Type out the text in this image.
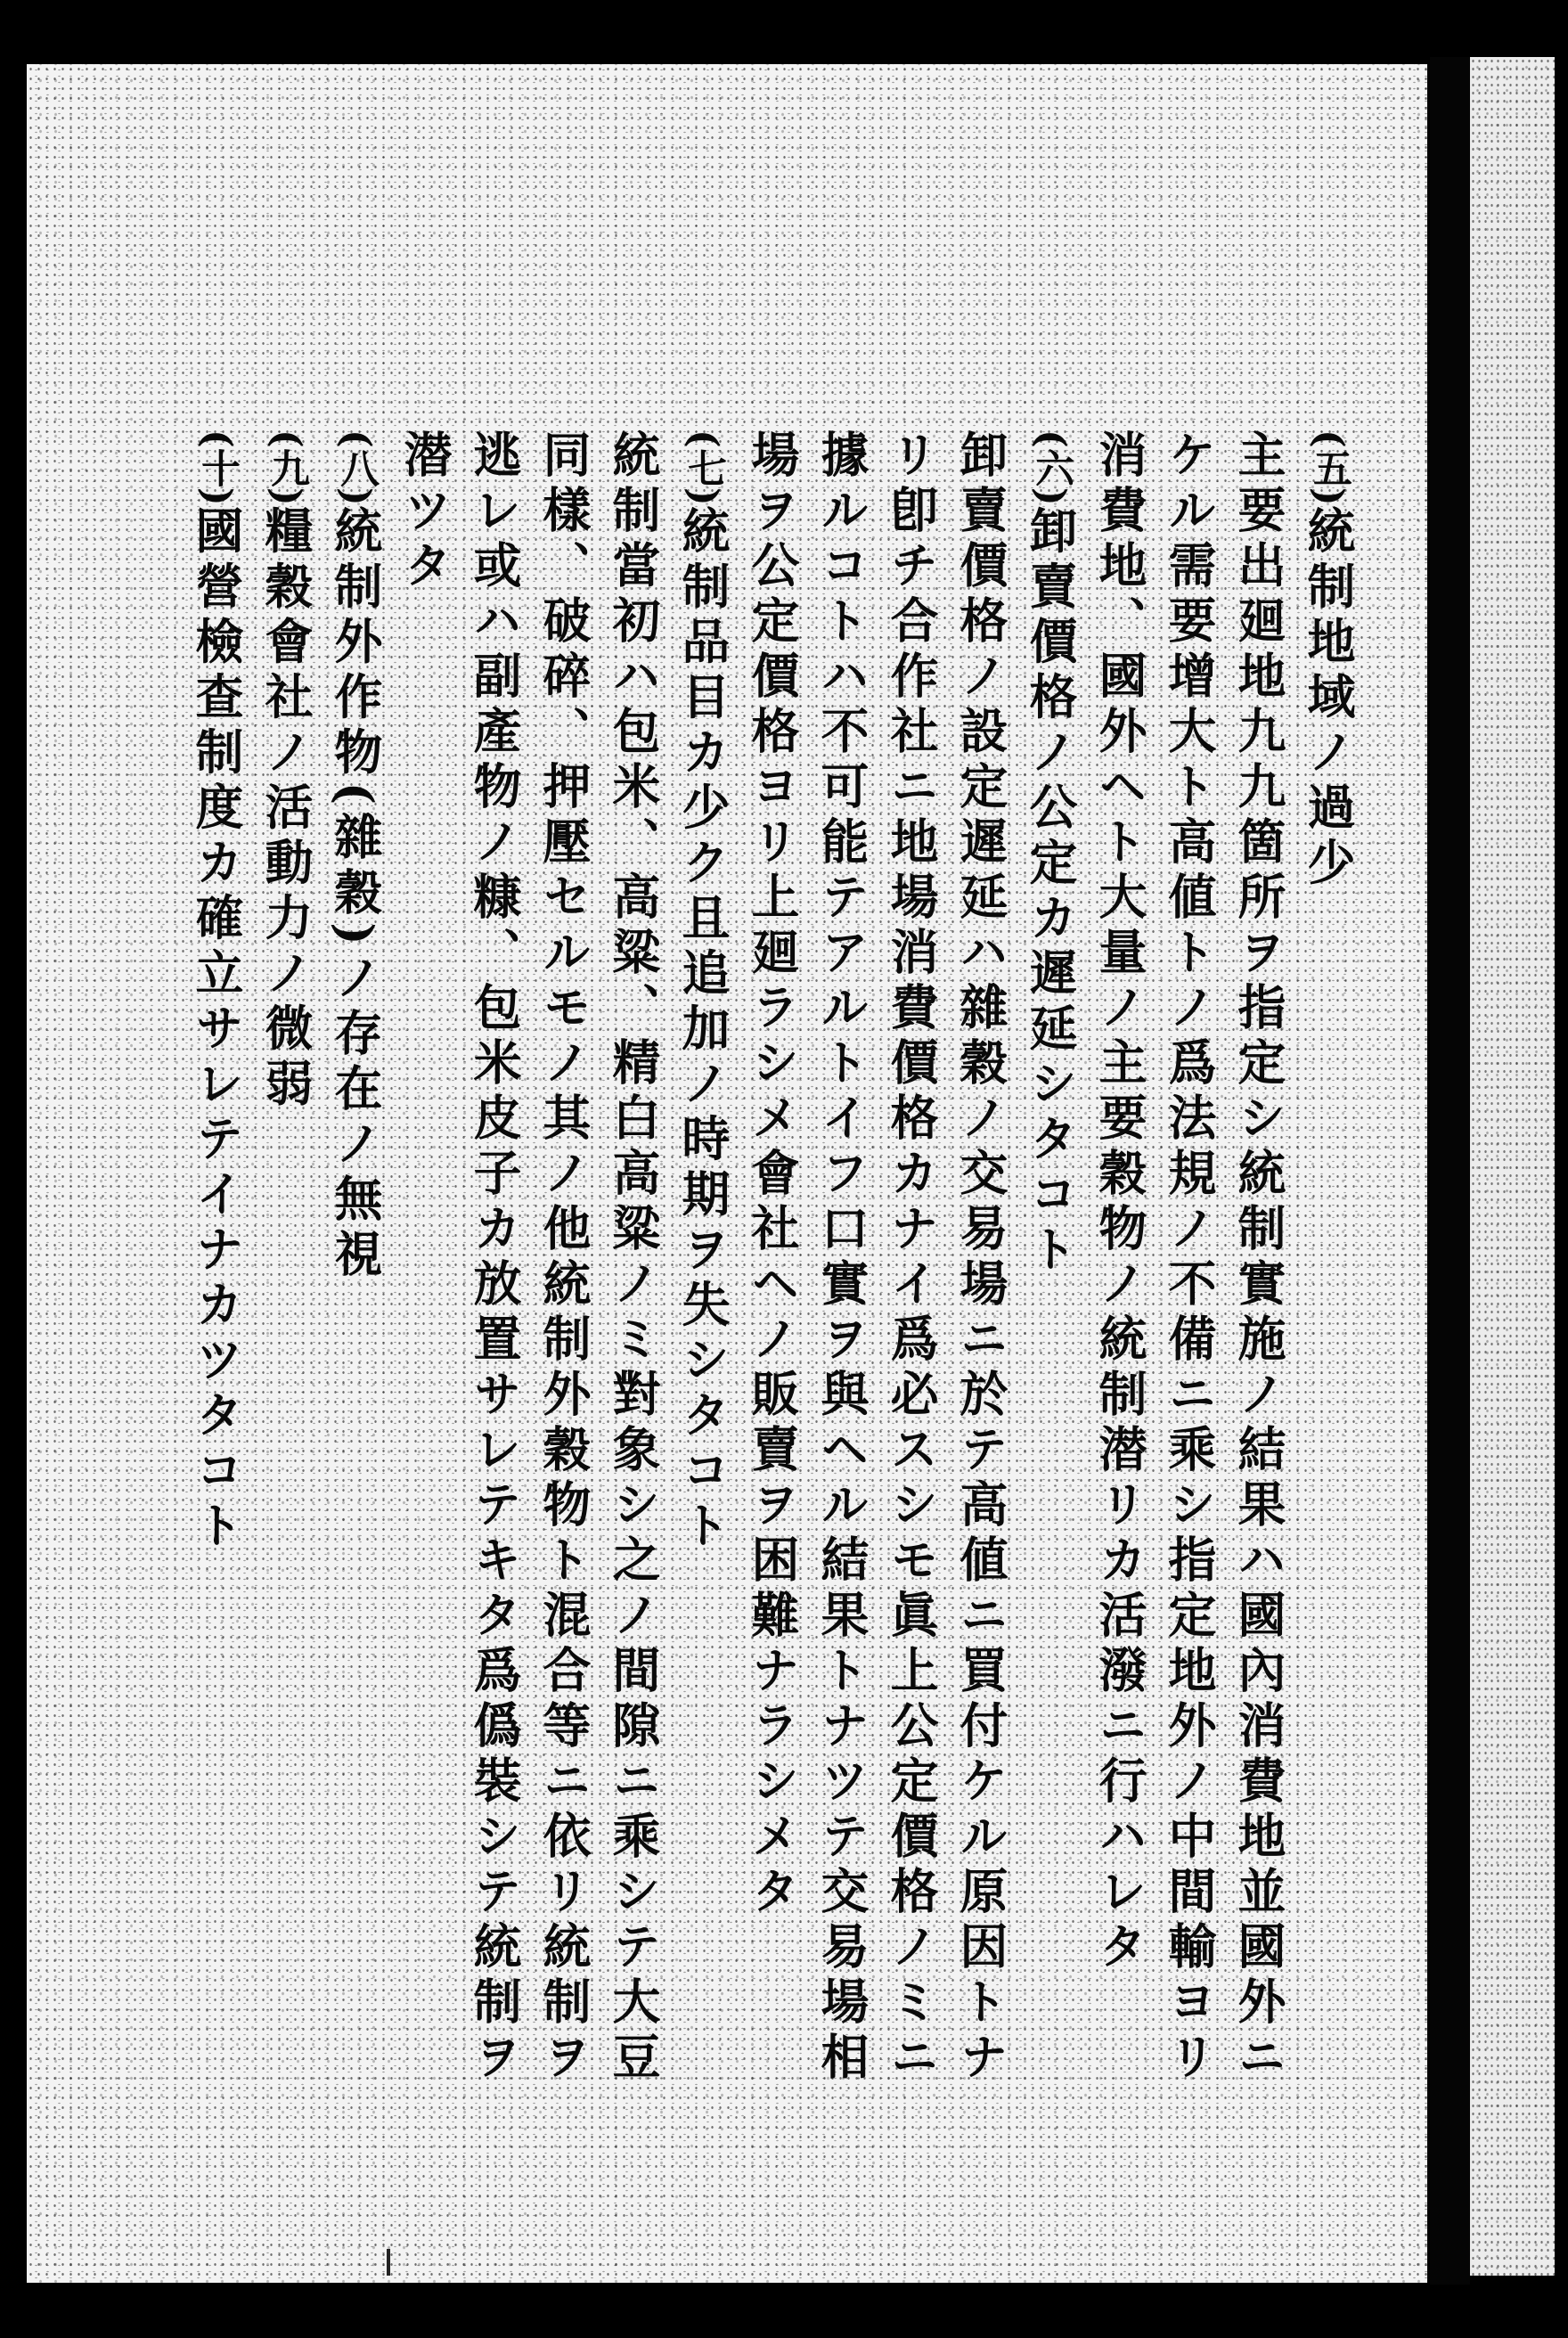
(五)統制地域ノ過少
主要出廻地九九箇所ヲ指定シ統制實施ノ結果ハ國內消費地並國外ニ
ケル需要增大ト高値トノ爲法規ノ不備ニ乘シ指定地外ノ中間輸ヨリ
消費地、國外ヘト大量ノ主要穀物ノ統制潜リカ活潑ニ行ハレタ
(六)卸賣價格ノ公定カ遲延シタコト
卸賣價格ノ設定遲延ハ雜穀ノ交易場ニ於テ高値ニ買付ケル原因トナ
リ卽チ合作社ニ地場消費價格カナイ爲必スシモ眞上公定價格ノミニ
據ルコトハ不可能テアルトイフ口實ヲ與ヘル結果トナツテ交易場相
場ヲ公定價格ヨリ上廻ラシメ會社ヘノ販賣ヲ困難ナラシメタ
(七)統制品目カ少ク且追加ノ時期ヲ失シタコト
統制當初ハ包米、高粱、精白高粱ノミ對象シ之ノ間隙ニ乘シテ大豆
同樣、破碎、押壓セルモノ其ノ他統制外穀物ト混合等ニ依リ統制ヲ
逃レ或ハ副產物ノ糠、包米皮子カ放置サレテキタ爲僞裝シテ統制ヲ
潜ツタ
(八)統制外作物(雜穀)ノ存在ノ無視
(九)糧穀會社ノ活動力ノ微弱
(十)國營檢查制度カ確立サレテイナカツタコト
